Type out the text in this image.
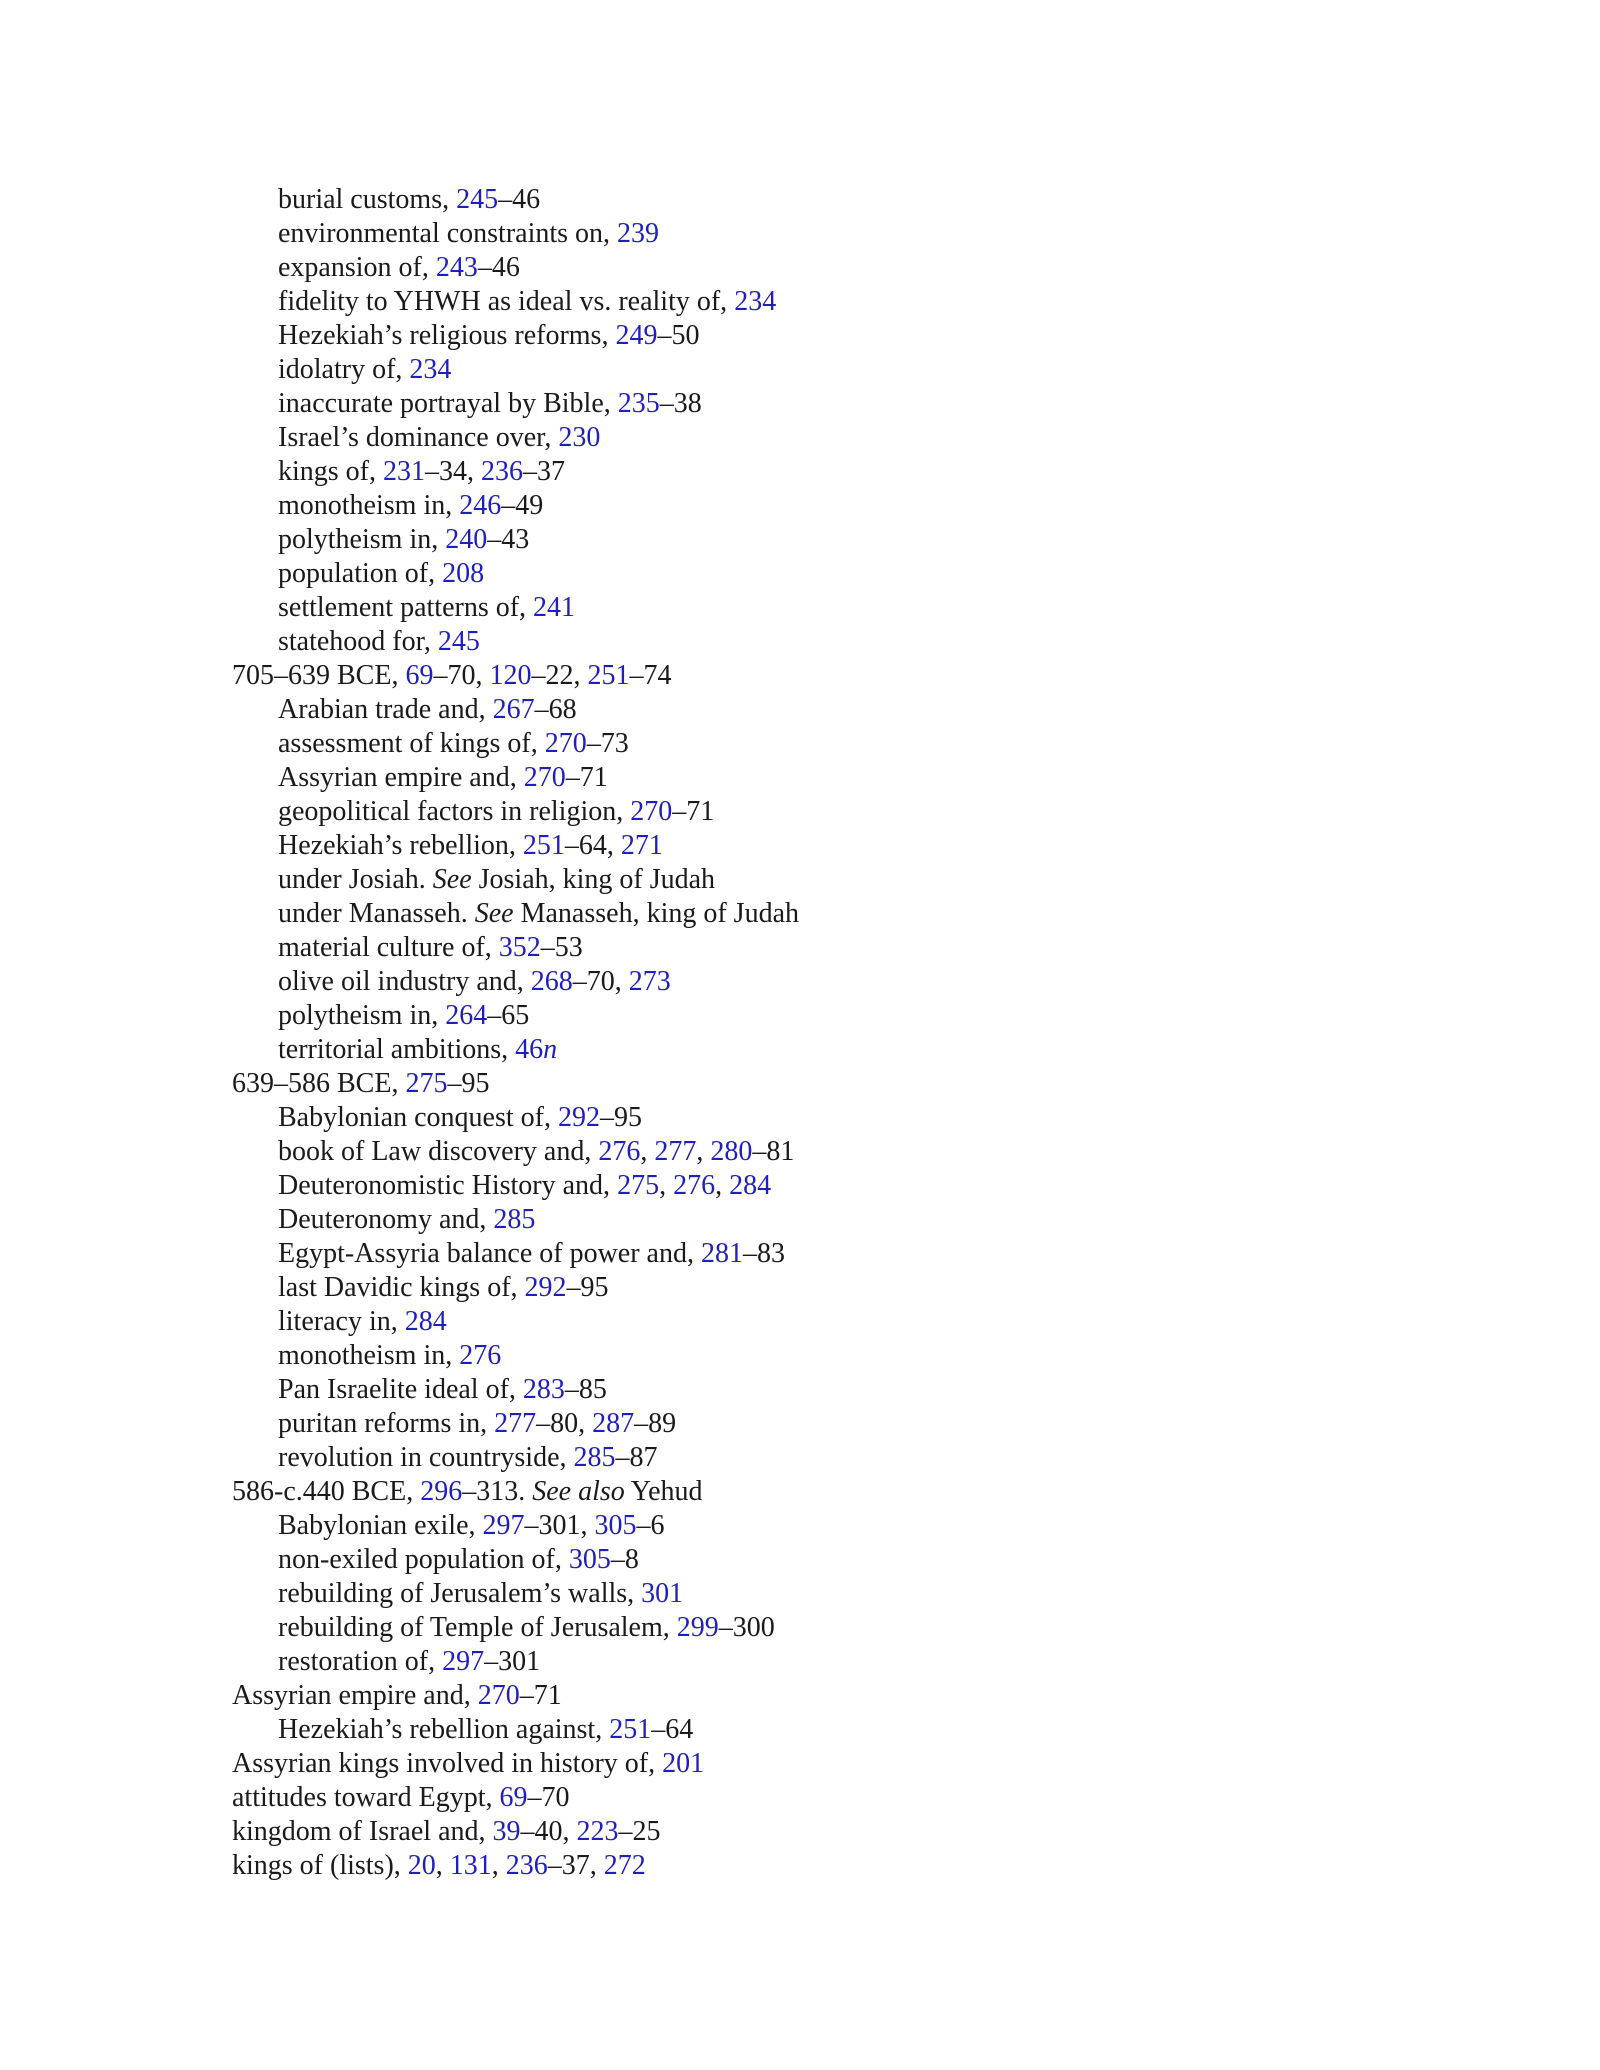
burial customs, 245–46
environmental constraints on, 239
expansion of, 243–46
fidelity to YHWH as ideal vs. reality of, 234
Hezekiah’s religious reforms, 249–50
idolatry of, 234
inaccurate portrayal by Bible, 235–38
Israel’s dominance over, 230
kings of, 231–34, 236–37
monotheism in, 246–49
polytheism in, 240–43
population of, 208
settlement patterns of, 241
statehood for, 245
705–639 BCE, 69–70, 120–22, 251–74
Arabian trade and, 267–68
assessment of kings of, 270–73
Assyrian empire and, 270–71
geopolitical factors in religion, 270–71
Hezekiah’s rebellion, 251–64, 271
under Josiah. See Josiah, king of Judah
under Manasseh. See Manasseh, king of Judah
material culture of, 352–53
olive oil industry and, 268–70, 273
polytheism in, 264–65
territorial ambitions, 46n
639–586 BCE, 275–95
Babylonian conquest of, 292–95
book of Law discovery and, 276, 277, 280–81
Deuteronomistic History and, 275, 276, 284
Deuteronomy and, 285
Egypt-Assyria balance of power and, 281–83
last Davidic kings of, 292–95
literacy in, 284
monotheism in, 276
Pan Israelite ideal of, 283–85
puritan reforms in, 277–80, 287–89
revolution in countryside, 285–87
586-c.440 BCE, 296–313. See also Yehud
Babylonian exile, 297–301, 305–6
non-exiled population of, 305–8
rebuilding of Jerusalem’s walls, 301
rebuilding of Temple of Jerusalem, 299–300
restoration of, 297–301
Assyrian empire and, 270–71
Hezekiah’s rebellion against, 251–64
Assyrian kings involved in history of, 201
attitudes toward Egypt, 69–70
kingdom of Israel and, 39–40, 223–25
kings of (lists), 20, 131, 236–37, 272
